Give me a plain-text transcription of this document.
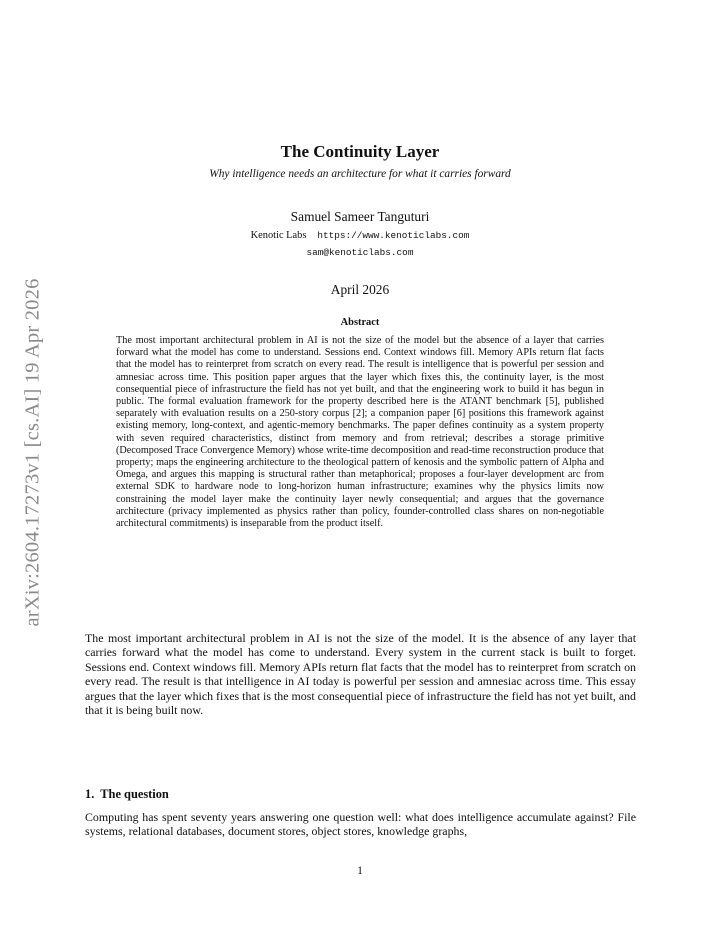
arXiv:2604.17273v1 [cs.AI] 19 Apr 2026
The Continuity Layer
Why intelligence needs an architecture for what it carries forward
Samuel Sameer Tanguturi
Kenotic Labs https://www.kenoticlabs.com
sam@kenoticlabs.com
April 2026
Abstract

The most important architectural problem in AI is not the size of the model but the absence of a layer that carries forward what the model has come to understand. Sessions end. Context windows fill. Memory APIs return flat facts that the model has to reinterpret from scratch on every read. The result is intelligence that is powerful per session and amnesiac across time. This position paper argues that the layer which fixes this, the continuity layer, is the most consequential piece of infrastructure the field has not yet built, and that the engineering work to build it has begun in public. The formal evaluation framework for the property described here is the ATANT benchmark [5], published separately with evaluation results on a 250-story corpus [2]; a companion paper [6] positions this framework against existing memory, long-context, and agentic-memory benchmarks. The paper defines continuity as a system property with seven required characteristics, distinct from memory and from retrieval; describes a storage primitive (Decomposed Trace Convergence Memory) whose write-time decomposition and read-time reconstruction produce that property; maps the engineering architecture to the theological pattern of kenosis and the symbolic pattern of Alpha and Omega, and argues this mapping is structural rather than metaphorical; proposes a four-layer development arc from external SDK to hardware node to long-horizon human infrastructure; examines why the physics limits now constraining the model layer make the continuity layer newly consequential; and argues that the governance architecture (privacy implemented as physics rather than policy, founder-controlled class shares on non-negotiable architectural commitments) is inseparable from the product itself.

The most important architectural problem in AI is not the size of the model. It is the absence of any layer that carries forward what the model has come to understand. Every system in the current stack is built to forget. Sessions end. Context windows fill. Memory APIs return flat facts that the model has to reinterpret from scratch on every read. The result is that intelligence in AI today is powerful per session and amnesiac across time. This essay argues that the layer which fixes that is the most consequential piece of infrastructure the field has not yet built, and that it is being built now.

1. The question

Computing has spent seventy years answering one question well: what does intelligence accumulate against? File systems, relational databases, document stores, object stores, knowledge graphs,

1
